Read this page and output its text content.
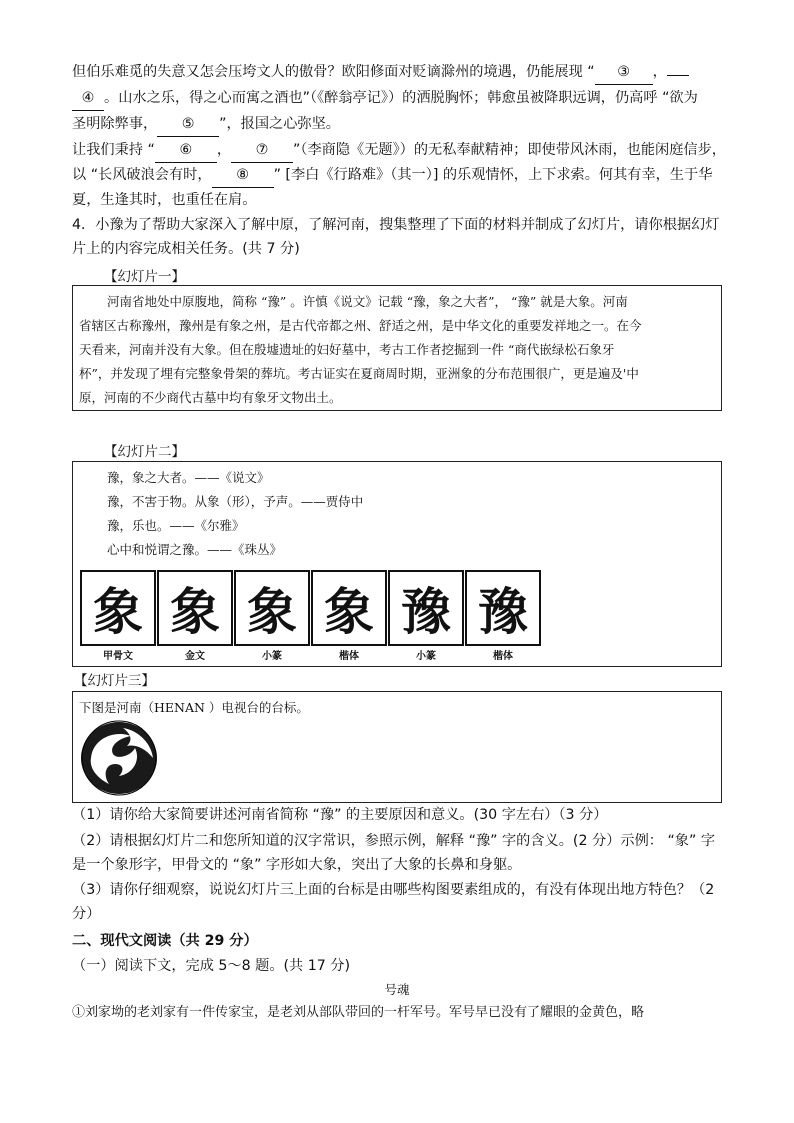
但伯乐难觅的失意又怎会压垮文人的傲骨？欧阳修面对贬谪滁州的境遇，仍能展现 “ ③ ，
④ 。山水之乐，得之心而寓之酒也”（《醉翁亭记》）的洒脱胸怀；韩愈虽被降职远调，仍高呼 “欲为
圣明除弊事， ⑤ ”，报国之心弥坚。
让我们秉持 “ ⑥ ， ⑦ ”（李商隐《无题》）的无私奉献精神；即使带风沐雨，也能闲庭信步，
以 “长风破浪会有时， ⑧ ” [李白《行路难》（其一）] 的乐观情怀，上下求索。何其有幸，生于华
夏，生逢其时，也重任在肩。
4．小豫为了帮助大家深入了解中原，了解河南，搜集整理了下面的材料并制成了幻灯片，请你根据幻灯
片上的内容完成相关任务。(共 7 分)
【幻灯片一】
河南省地处中原腹地，简称 “豫” 。许慎《说文》记载 “豫，象之大者”， “豫” 就是大象。河南
省辖区古称豫州，豫州是有象之州，是古代帝都之州、舒适之州，是中华文化的重要发祥地之一。在今
天看来，河南并没有大象。但在殷墟遗址的妇好墓中，考古工作者挖掘到一件 “商代嵌绿松石象牙
杯”，并发现了埋有完整象骨架的葬坑。考古证实在夏商周时期，亚洲象的分布范围很广，更是遍及'中
原，河南的不少商代古墓中均有象牙文物出土。
【幻灯片二】
豫，象之大者。——《说文》
豫，不害于物。从象（形），予声。——贾侍中
豫，乐也。——《尔雅》
心中和悦谓之豫。——《珠丛》
象
甲骨文
象
金文
象
小篆
象
楷体
豫
小篆
豫
楷体
【幻灯片三】
下图是河南（HENAN ）电视台的台标。
（1）请你给大家简要讲述河南省简称 “豫” 的主要原因和意义。(30 字左右）（3 分）
（2）请根据幻灯片二和您所知道的汉字常识，参照示例，解释 “豫” 字的含义。(2 分）示例： “象” 字
是一个象形字，甲骨文的 “象” 字形如大象，突出了大象的长鼻和身躯。
（3）请你仔细观察，说说幻灯片三上面的台标是由哪些构图要素组成的，有没有体现出地方特色？（2
分）
二、现代文阅读（共 29 分）
（一）阅读下文，完成 5～8 题。(共 17 分)
号魂
①刘家坳的老刘家有一件传家宝，是老刘从部队带回的一杆军号。军号早已没有了耀眼的金黄色，略
